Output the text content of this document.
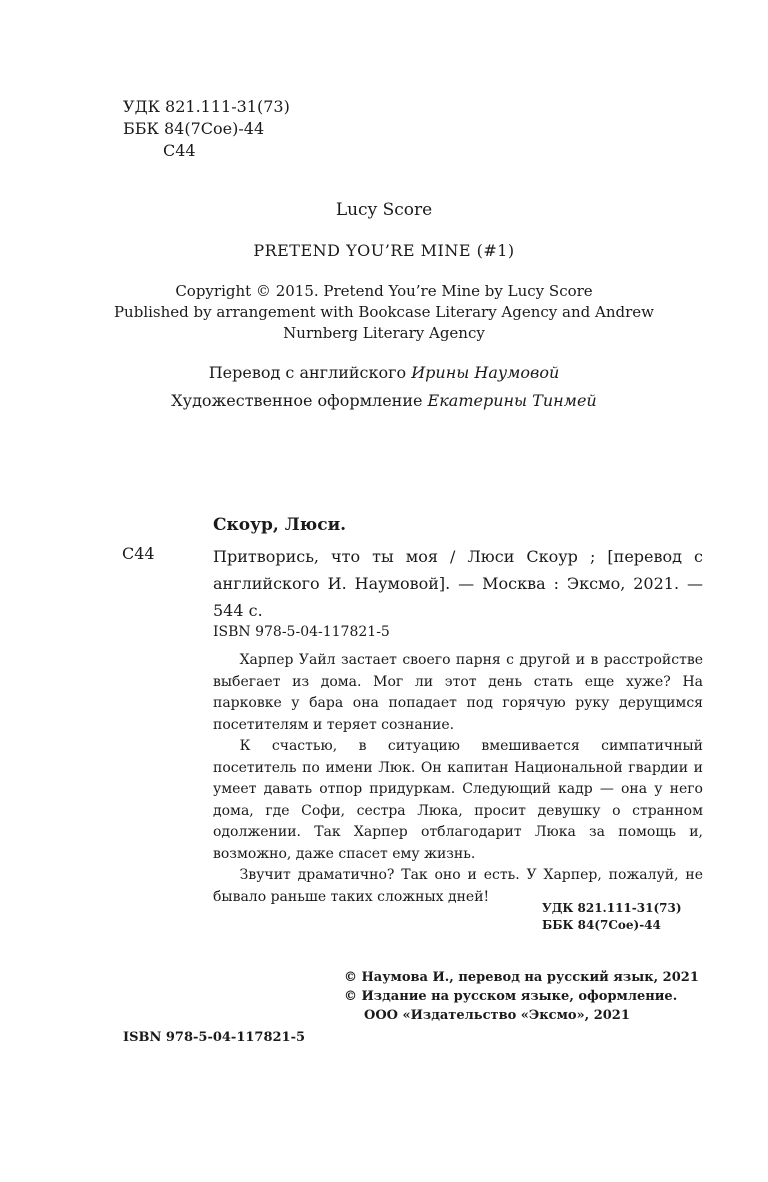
УДК 821.111-31(73)
ББК 84(7Сое)-44
С44
Lucy Score
PRETEND YOU’RE MINE (#1)
Copyright © 2015. Pretend You’re Mine by Lucy Score
Published by arrangement with Bookcase Literary Agency and Andrew
Nurnberg Literary Agency
Перевод с английского Ирины Наумовой
Художественное оформление Екатерины Тинмей
Скоур, Люси.
С44	Притворись, что ты моя / Люси Скоур ; [перевод с английского И. Наумовой]. — Москва : Эксмо, 2021. — 544 с.
ISBN 978-5-04-117821-5

Харпер Уайл застает своего парня с другой и в расстройстве выбегает из дома. Мог ли этот день стать еще хуже? На парковке у бара она попадает под горячую руку дерущимся посетителям и теряет сознание.

К счастью, в ситуацию вмешивается симпатичный посетитель по имени Люк. Он капитан Национальной гвардии и умеет давать отпор придуркам. Следующий кадр — она у него дома, где Софи, сестра Люка, просит девушку о странном одолжении. Так Харпер отблагодарит Люка за помощь и, возможно, даже спасет ему жизнь.

Звучит драматично? Так оно и есть. У Харпер, пожалуй, не бывало раньше таких сложных дней!

УДК 821.111-31(73)
ББК 84(7Сое)-44
© Наумова И., перевод на русский язык, 2021
© Издание на русском языке, оформление. ООО «Издательство «Эксмо», 2021
ISBN 978-5-04-117821-5
